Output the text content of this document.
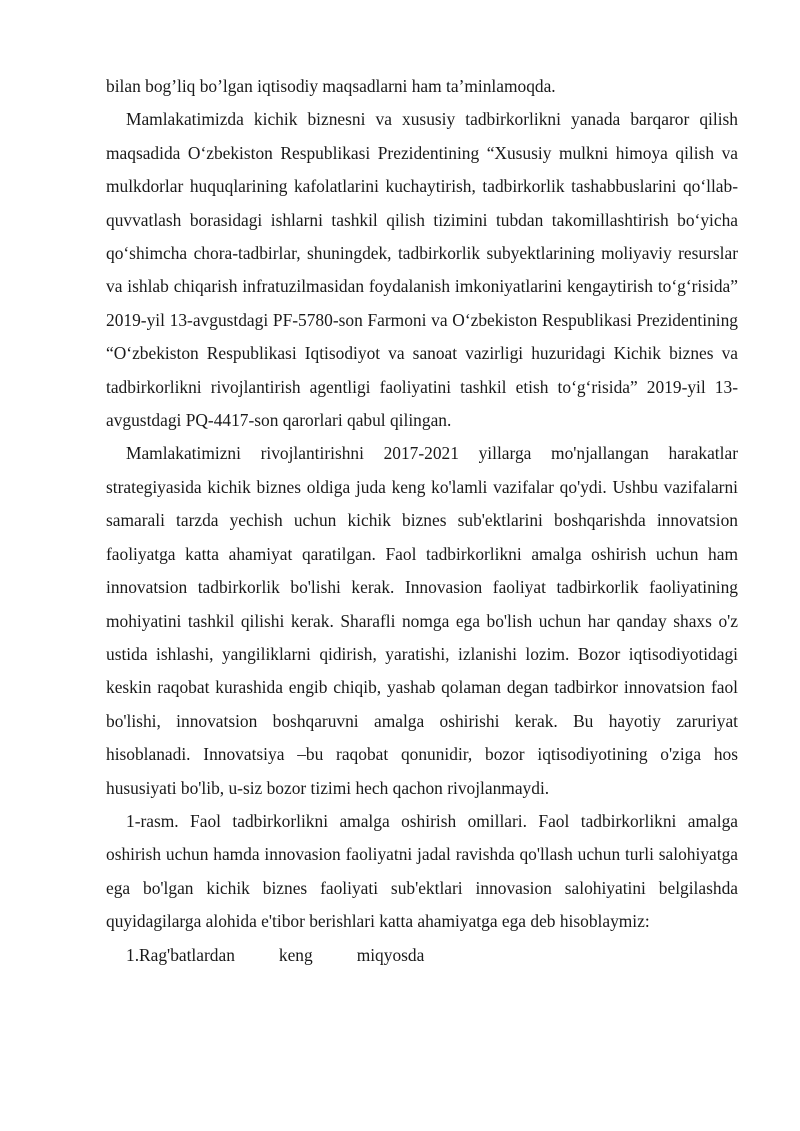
bilan bog’liq bo’lgan iqtisodiy maqsadlarni ham ta’minlamoqda.

Mamlakatimizda kichik biznesni va xususiy tadbirkorlikni yanada barqaror qilish maqsadida O‘zbekiston Respublikasi Prezidentining “Xususiy mulkni himoya qilish va mulkdorlar huquqlarining kafolatlarini kuchaytirish, tadbirkorlik tashabbuslarini qo‘llab- quvvatlash borasidagi ishlarni tashkil qilish tizimini tubdan takomillashtirish bo‘yicha qo‘shimcha chora-tadbirlar, shuningdek, tadbirkorlik subyektlarining moliyaviy resurslar va ishlab chiqarish infratuzilmasidan foydalanish imkoniyatlarini kengaytirish to‘g‘risida” 2019-yil 13-avgustdagi PF-5780-son Farmoni va O‘zbekiston Respublikasi Prezidentining “O‘zbekiston Respublikasi Iqtisodiyot va sanoat vazirligi huzuridagi Kichik biznes va tadbirkorlikni rivojlantirish agentligi faoliyatini tashkil etish to‘g‘risida” 2019-yil 13-avgustdagi PQ-4417-son qarorlari qabul qilingan.

Mamlakatimizni rivojlantirishni 2017-2021 yillarga mo'njallangan harakatlar strategiyasida kichik biznes oldiga juda keng ko'lamli vazifalar qo'ydi. Ushbu vazifalarni samarali tarzda yechish uchun kichik biznes sub'ektlarini boshqarishda innovatsion faoliyatga katta ahamiyat qaratilgan. Faol tadbirkorlikni amalga oshirish uchun ham innovatsion tadbirkorlik bo'lishi kerak. Innovasion faoliyat tadbirkorlik faoliyatining mohiyatini tashkil qilishi kerak. Sharafli nomga ega bo'lish uchun har qanday shaxs o'z ustida ishlashi, yangiliklarni qidirish, yaratishi, izlanishi lozim. Bozor iqtisodiyotidagi keskin raqobat kurashida engib chiqib, yashab qolaman degan tadbirkor innovatsion faol bo'lishi, innovatsion boshqaruvni amalga oshirishi kerak. Bu hayotiy zaruriyat hisoblanadi. Innovatsiya –bu raqobat qonunidir, bozor iqtisodiyotining o'ziga hos hususiyati bo'lib, u-siz bozor tizimi hech qachon rivojlanmaydi.

1-rasm. Faol tadbirkorlikni amalga oshirish omillari. Faol tadbirkorlikni amalga oshirish uchun hamda innovasion faoliyatni jadal ravishda qo'llash uchun turli salohiyatga ega bo'lgan kichik biznes faoliyati sub'ektlari innovasion salohiyatini belgilashda quyidagilarga alohida e'tibor berishlari katta ahamiyatga ega deb hisoblaymiz:

1.Rag'batlardan	keng	miqyosda
